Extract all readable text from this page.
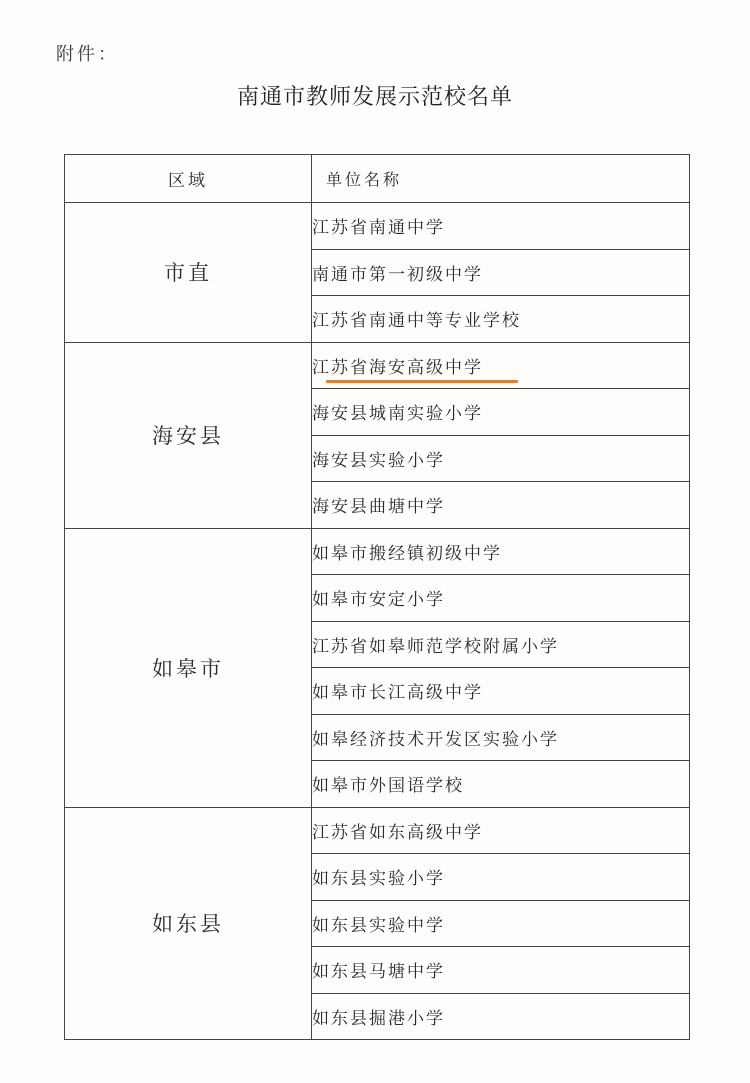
附件：
南通市教师发展示范校名单
区域	单位名称
市直	江苏省南通中学
	南通市第一初级中学
	江苏省南通中等专业学校
海安县	江苏省海安高级中学

	海安县城南实验小学
	海安县实验小学
	海安县曲塘中学
如皋市	如皋市搬经镇初级中学
	如皋市安定小学
	江苏省如皋师范学校附属小学
	如皋市长江高级中学
	如皋经济技术开发区实验小学
	如皋市外国语学校
如东县	江苏省如东高级中学
	如东县实验小学
	如东县实验中学
	如东县马塘中学
	如东县掘港小学
